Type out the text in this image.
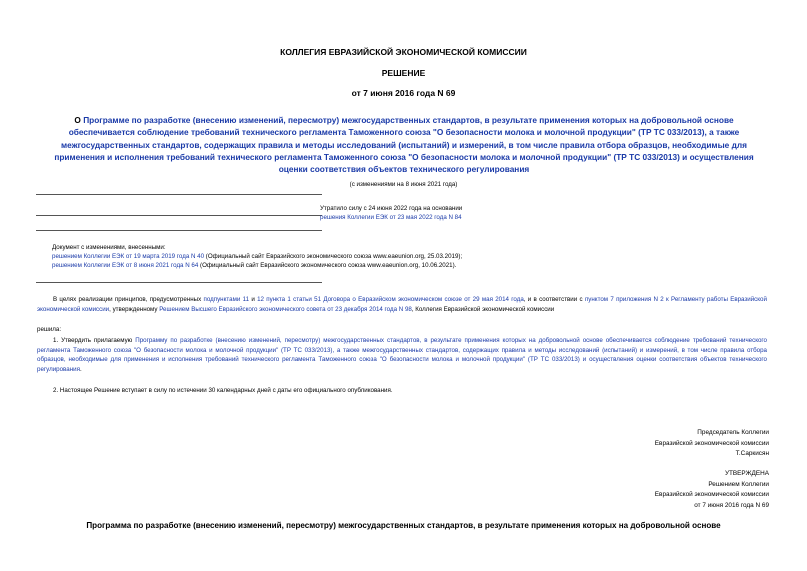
КОЛЛЕГИЯ ЕВРАЗИЙСКОЙ ЭКОНОМИЧЕСКОЙ КОМИССИИ
РЕШЕНИЕ
от 7 июня 2016 года N 69
О Программе по разработке (внесению изменений, пересмотру) межгосударственных стандартов, в результате применения которых на добровольной основе обеспечивается соблюдение требований технического регламента Таможенного союза "О безопасности молока и молочной продукции" (ТР ТС 033/2013), а также межгосударственных стандартов, содержащих правила и методы исследований (испытаний) и измерений, в том числе правила отбора образцов, необходимые для применения и исполнения требований технического регламента Таможенного союза "О безопасности молока и молочной продукции" (ТР ТС 033/2013) и осуществления оценки соответствия объектов технического регулирования
(с изменениями на 8 июня 2021 года)
Утратило силу с 24 июня 2022 года на основании
решения Коллегии ЕЭК от 23 мая 2022 года N 84
Документ с изменениями, внесенными:
решением Коллегии ЕЭК от 19 марта 2019 года N 40 (Официальный сайт Евразийского экономического союза www.eaeunion.org, 25.03.2019);
решением Коллегии ЕЭК от 8 июня 2021 года N 64 (Официальный сайт Евразийского экономического союза www.eaeunion.org, 10.06.2021).
В целях реализации принципов, предусмотренных подпунктами 11 и 12 пункта 1 статьи 51 Договора о Евразийском экономическом союзе от 29 мая 2014 года, и в соответствии с пунктом 7 приложения N 2 к Регламенту работы Евразийской экономической комиссии, утвержденному Решением Высшего Евразийского экономического совета от 23 декабря 2014 года N 98, Коллегия Евразийской экономической комиссии
решила:
1. Утвердить прилагаемую Программу по разработке (внесению изменений, пересмотру) межгосударственных стандартов, в результате применения которых на добровольной основе обеспечивается соблюдение требований технического регламента Таможенного союза "О безопасности молока и молочной продукции" (ТР ТС 033/2013), а также межгосударственных стандартов, содержащих правила и методы исследований (испытаний) и измерений, в том числе правила отбора образцов, необходимые для применения и исполнения требований технического регламента Таможенного союза "О безопасности молока и молочной продукции" (ТР ТС 033/2013) и осуществления оценки соответствия объектов технического регулирования.
2. Настоящее Решение вступает в силу по истечении 30 календарных дней с даты его официального опубликования.
Председатель Коллегии
Евразийской экономической комиссии
Т.Саркисян
УТВЕРЖДЕНА
Решением Коллегии
Евразийской экономической комиссии
от 7 июня 2016 года N 69
Программа по разработке (внесению изменений, пересмотру) межгосударственных стандартов, в результате применения которых на добровольной основе
